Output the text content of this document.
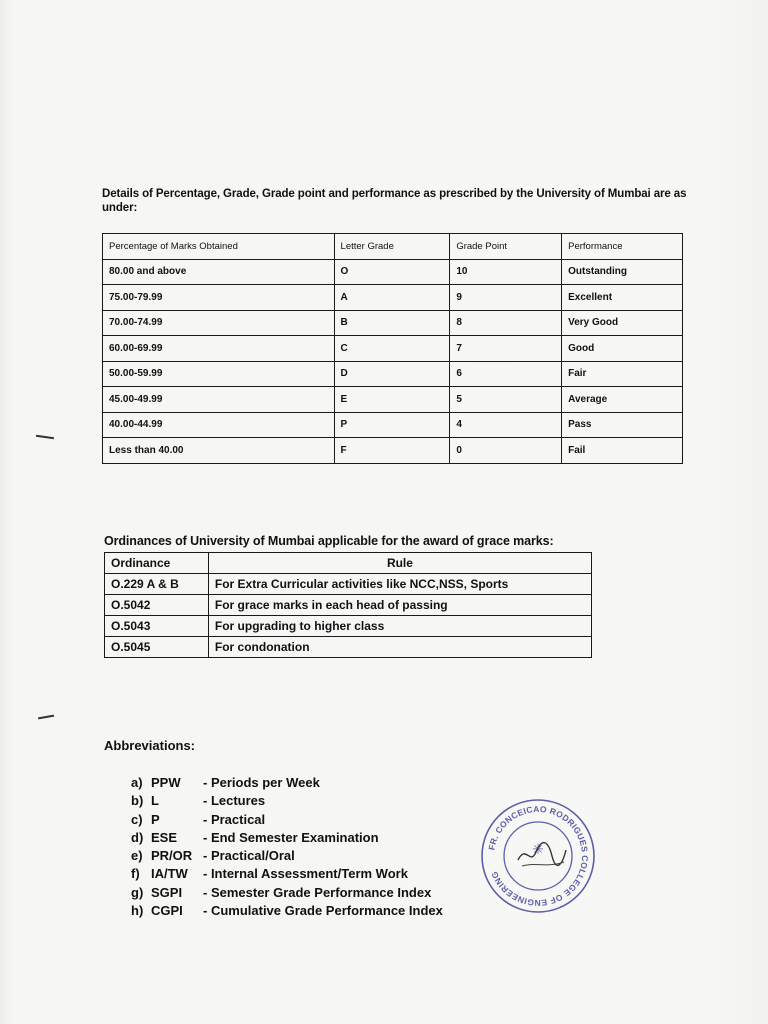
Details of Percentage, Grade, Grade point and performance as prescribed by the University of Mumbai are as under:
Percentage of Marks Obtained	Letter Grade	Grade Point	Performance
80.00 and above	O	10	Outstanding
75.00-79.99	A	9	Excellent
70.00-74.99	B	8	Very Good
60.00-69.99	C	7	Good
50.00-59.99	D	6	Fair
45.00-49.99	E	5	Average
40.00-44.99	P	4	Pass
Less than 40.00	F	0	Fail
Ordinances of University of Mumbai applicable for the award of grace marks:
Ordinance	Rule
O.229 A & B	For Extra Curricular activities like NCC,NSS, Sports
O.5042	For grace marks in each head of passing
O.5043	For upgrading to higher class
O.5045	For condonation
Abbreviations:
a) PPW - Periods per Week
b) L	- Lectures
c) P	- Practical
d) ESE - End Semester Examination
e) PR/OR - Practical/Oral
f) IA/TW - Internal Assessment/Term Work
g) SGPI - Semester Grade Performance Index
h) CGPI - Cumulative Grade Performance Index
FR. CONCEICAO RODRIGUES COLLEGE OF ENGINEERING
✳
